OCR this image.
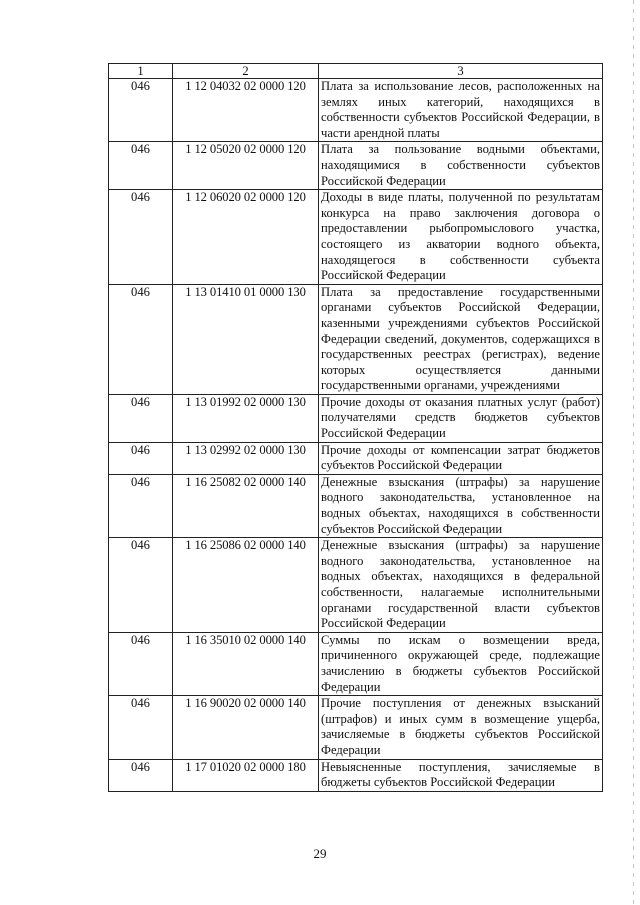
1	2	3
046	1 12 04032 02 0000 120	Плата за использование лесов, расположенных на землях иных категорий, находящихся в собственности субъектов Российской Федерации, в части арендной платы
046	1 12 05020 02 0000 120	Плата за пользование водными объектами, находящимися в собственности субъектов Российской Федерации
046	1 12 06020 02 0000 120	Доходы в виде платы, полученной по результатам конкурса на право заключения договора о предоставлении рыбопромыслового участка, состоящего из акватории водного объекта, находящегося в собственности субъекта Российской Федерации
046	1 13 01410 01 0000 130	Плата за предоставление государственными органами субъектов Российской Федерации, казенными учреждениями субъектов Российской Федерации сведений, документов, содержащихся в государственных реестрах (регистрах), ведение которых осуществляется данными государственными органами, учреждениями
046	1 13 01992 02 0000 130	Прочие доходы от оказания платных услуг (работ) получателями средств бюджетов субъектов Российской Федерации
046	1 13 02992 02 0000 130	Прочие доходы от компенсации затрат бюджетов субъектов Российской Федерации
046	1 16 25082 02 0000 140	Денежные взыскания (штрафы) за нарушение водного законодательства, установленное на водных объектах, находящихся в собственности субъектов Российской Федерации
046	1 16 25086 02 0000 140	Денежные взыскания (штрафы) за нарушение водного законодательства, установленное на водных объектах, находящихся в федеральной собственности, налагаемые исполнительными органами государственной власти субъектов Российской Федерации
046	1 16 35010 02 0000 140	Суммы по искам о возмещении вреда, причиненного окружающей среде, подлежащие зачислению в бюджеты субъектов Российской Федерации
046	1 16 90020 02 0000 140	Прочие поступления от денежных взысканий (штрафов) и иных сумм в возмещение ущерба, зачисляемые в бюджеты субъектов Российской Федерации
046	1 17 01020 02 0000 180	Невыясненные поступления, зачисляемые в бюджеты субъектов Российской Федерации
29
